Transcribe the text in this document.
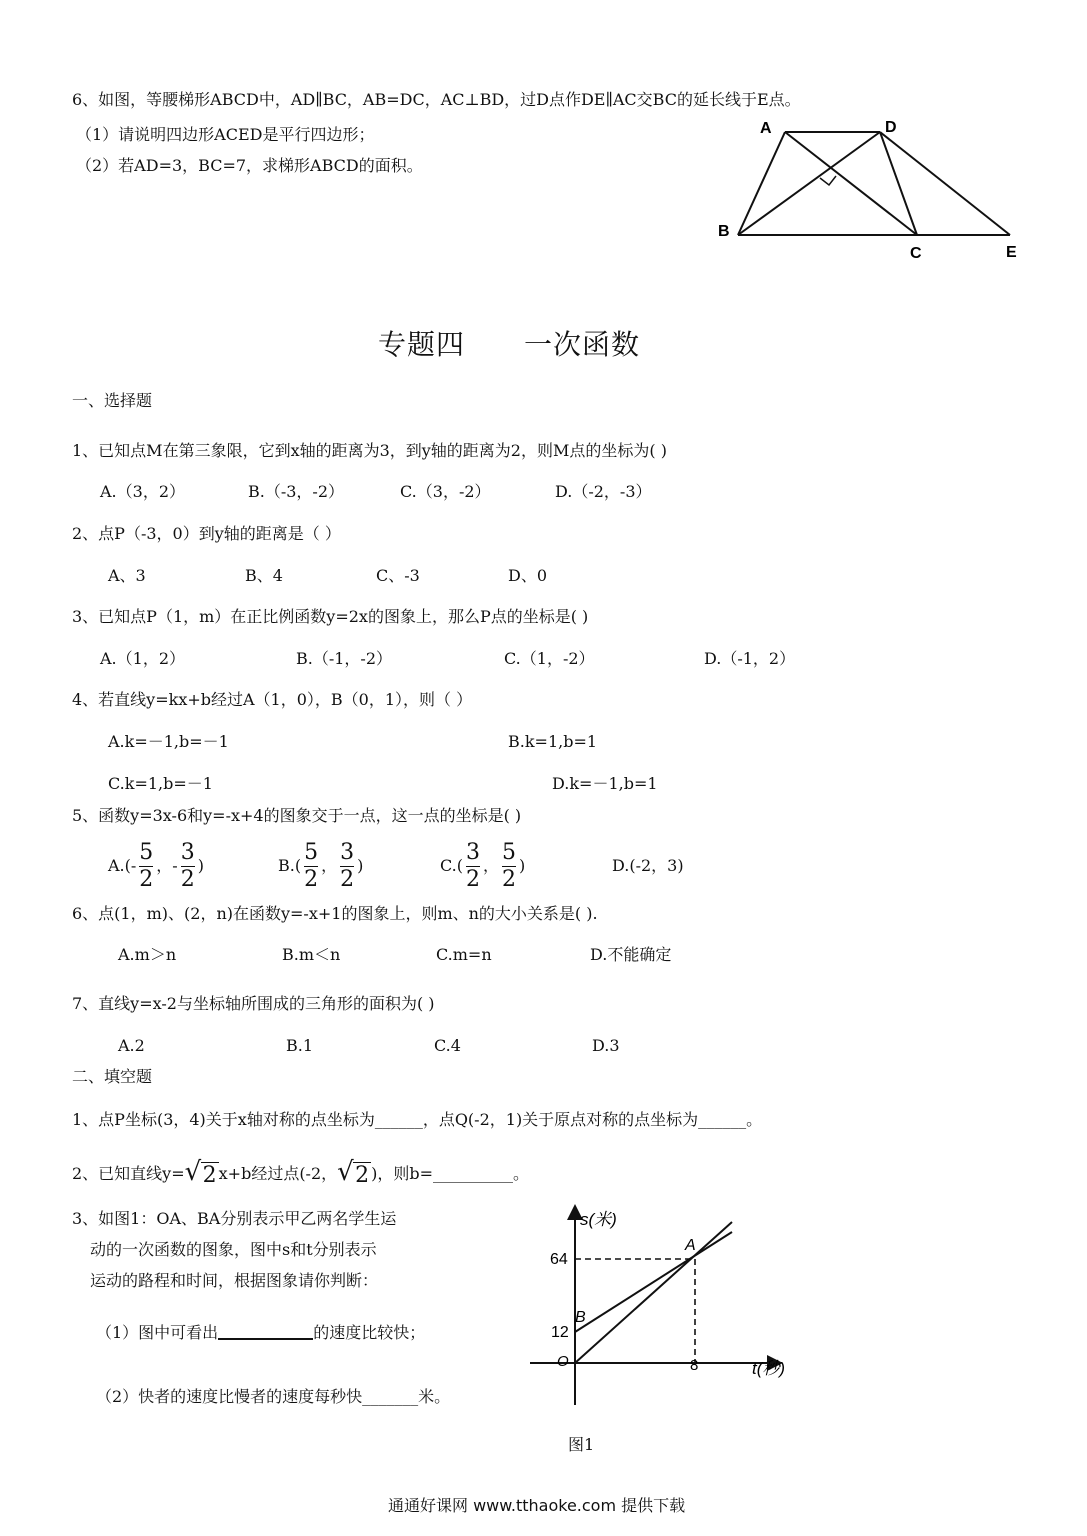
6、如图，等腰梯形ABCD中，AD∥BC，AB=DC，AC⊥BD，过D点作DE∥AC交BC的延长线于E点。
（1）请说明四边形ACED是平行四边形；
（2）若AD=3，BC=7，求梯形ABCD的面积。
A	D
B
C	E
专题四 一次函数
一、选择题
1、已知点M在第三象限，它到x轴的距离为3，到y轴的距离为2，则M点的坐标为( )
A.（3，2）	B.（-3，-2）	C.（3，-2）	D.（-2，-3）
2、点P（-3，0）到y轴的距离是（ ）
A、3	B、4	C、-3	D、0
3、已知点P（1，m）在正比例函数y=2x的图象上，那么P点的坐标是( )
A.（1，2）	B.（-1，-2）	C.（1，-2）	D.（-1，2）
4、若直线y=kx+b经过A（1，0），B（0，1），则（ ）
A.k=－1,b=－1	B.k=1,b=1
C.k=1,b=－1	D.k=－1,b=1
5、函数y=3x-6和y=-x+4的图象交于一点，这一点的坐标是( )
$A.(- \frac{5}{2}$ ，- $\frac{3}{2}$ )	$B.( \frac{5}{2}$ ， $\frac{3}{2}$ )	$C.( \frac{3}{2}$ ， $\frac{5}{2}$ )	D.(-2，3)
6、点(1，m)、(2，n)在函数y=-x+1的图象上，则m、n的大小关系是( ).
A.m＞n	B.m＜n	C.m=n	D.不能确定
7、直线y=x-2与坐标轴所围成的三角形的面积为( )
A.2	B.1	C.4	D.3
二、填空题
1、点P坐标(3，4)关于x轴对称的点坐标为______，点Q(-2，1)关于原点对称的点坐标为______。
2、已知直线y= √ 2 x+b经过点(-2， √ 2 )，则b=__________。
3、如图1：OA、BA分别表示甲乙两名学生运
动的一次函数的图象，图中s和t分别表示
运动的路程和时间，根据图象请你判断：
（1）图中可看出	的速度比较快；
（2）快者的速度比慢者的速度每秒快_______米。
s(米)
t(秒)
O
A
B
64
12
8
图1
通通好课网 www.tthaoke.com 提供下载
